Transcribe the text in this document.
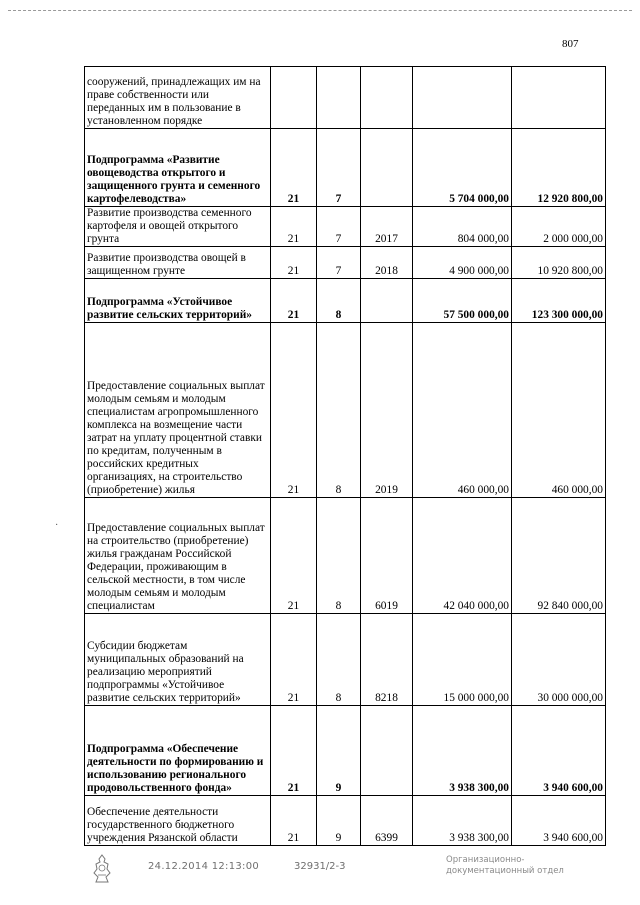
807
сооружений, принадлежащих им на праве собственности или переданных им в пользование в установленном порядке					
Подпрограмма «Развитие овощеводства открытого и защищенного грунта и семенного картофелеводства»	21	7		5 704 000,00	12 920 800,00
Развитие производства семенного картофеля и овощей открытого грунта	21	7	2017	804 000,00	2 000 000,00
Развитие производства овощей в защищенном грунте	21	7	2018	4 900 000,00	10 920 800,00
Подпрограмма «Устойчивое развитие сельских территорий»	21	8		57 500 000,00	123 300 000,00
Предоставление социальных выплат молодым семьям и молодым специалистам агропромышленного комплекса на возмещение части затрат на уплату процентной ставки по кредитам, полученным в российских кредитных организациях, на строительство (приобретение) жилья	21	8	2019	460 000,00	460 000,00
Предоставление социальных выплат на строительство (приобретение) жилья гражданам Российской Федерации, проживающим в сельской местности, в том числе молодым семьям и молодым специалистам	21	8	6019	42 040 000,00	92 840 000,00
Субсидии бюджетам муниципальных образований на реализацию мероприятий подпрограммы «Устойчивое развитие сельских территорий»	21	8	8218	15 000 000,00	30 000 000,00
Подпрограмма «Обеспечение деятельности по формированию и использованию регионального продовольственного фонда»	21	9		3 938 300,00	3 940 600,00
Обеспечение деятельности государственного бюджетного учреждения Рязанской области	21	9	6399	3 938 300,00	3 940 600,00
·
24.12.2014 12:13:00	32931/2-3
Организационно-
документационный отдел
